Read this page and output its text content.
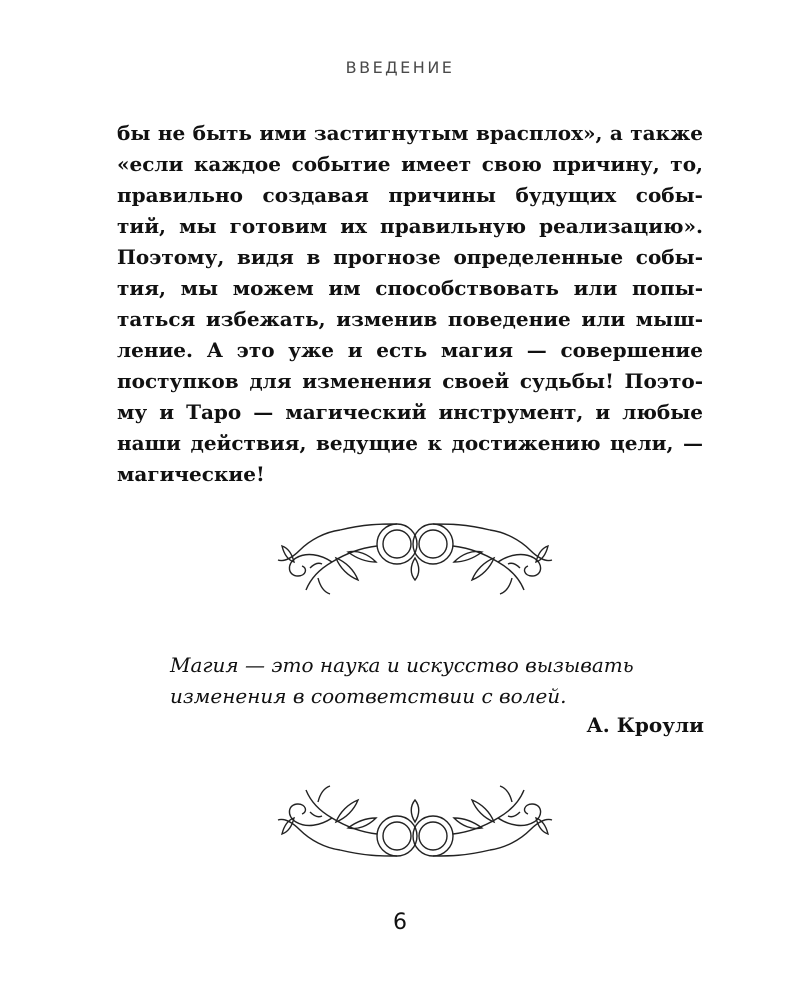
ВВЕДЕНИЕ
бы не быть ими застигнутым врасплох», а также
«если каждое событие имеет свою причину, то,
правильно создавая причины будущих собы-
тий, мы готовим их правильную реализацию».
Поэтому, видя в прогнозе определенные собы-
тия, мы можем им способствовать или попы-
таться избежать, изменив поведение или мыш-
ление. А это уже и есть магия — совершение
поступков для изменения своей судьбы! Поэто-
му и Таро — магический инструмент, и любые
наши действия, ведущие к достижению цели, —
магические!
Магия — это наука и искусство вызывать
изменения в соответствии с волей.
А. Кроули
6
